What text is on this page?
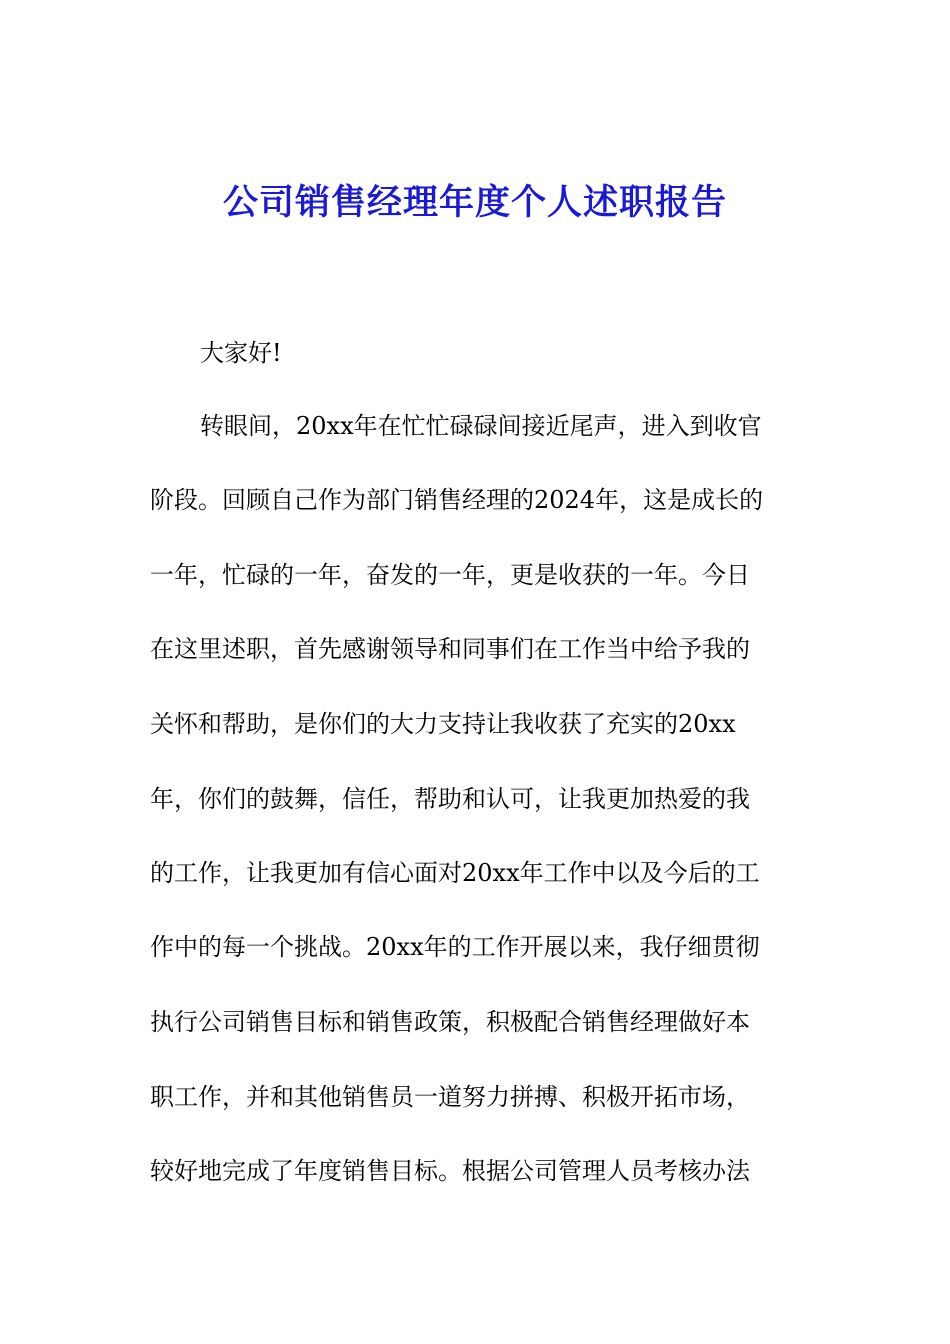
公司销售经理年度个人述职报告
大家好!
转眼间，20xx年在忙忙碌碌间接近尾声，进入到收官
阶段。回顾自己作为部门销售经理的2024年，这是成长的
一年，忙碌的一年，奋发的一年，更是收获的一年。今日
在这里述职，首先感谢领导和同事们在工作当中给予我的
关怀和帮助，是你们的大力支持让我收获了充实的20xx
年，你们的鼓舞，信任，帮助和认可，让我更加热爱的我
的工作，让我更加有信心面对20xx年工作中以及今后的工
作中的每一个挑战。20xx年的工作开展以来，我仔细贯彻
执行公司销售目标和销售政策，积极配合销售经理做好本
职工作，并和其他销售员一道努力拼搏、积极开拓市场，
较好地完成了年度销售目标。根据公司管理人员考核办法
